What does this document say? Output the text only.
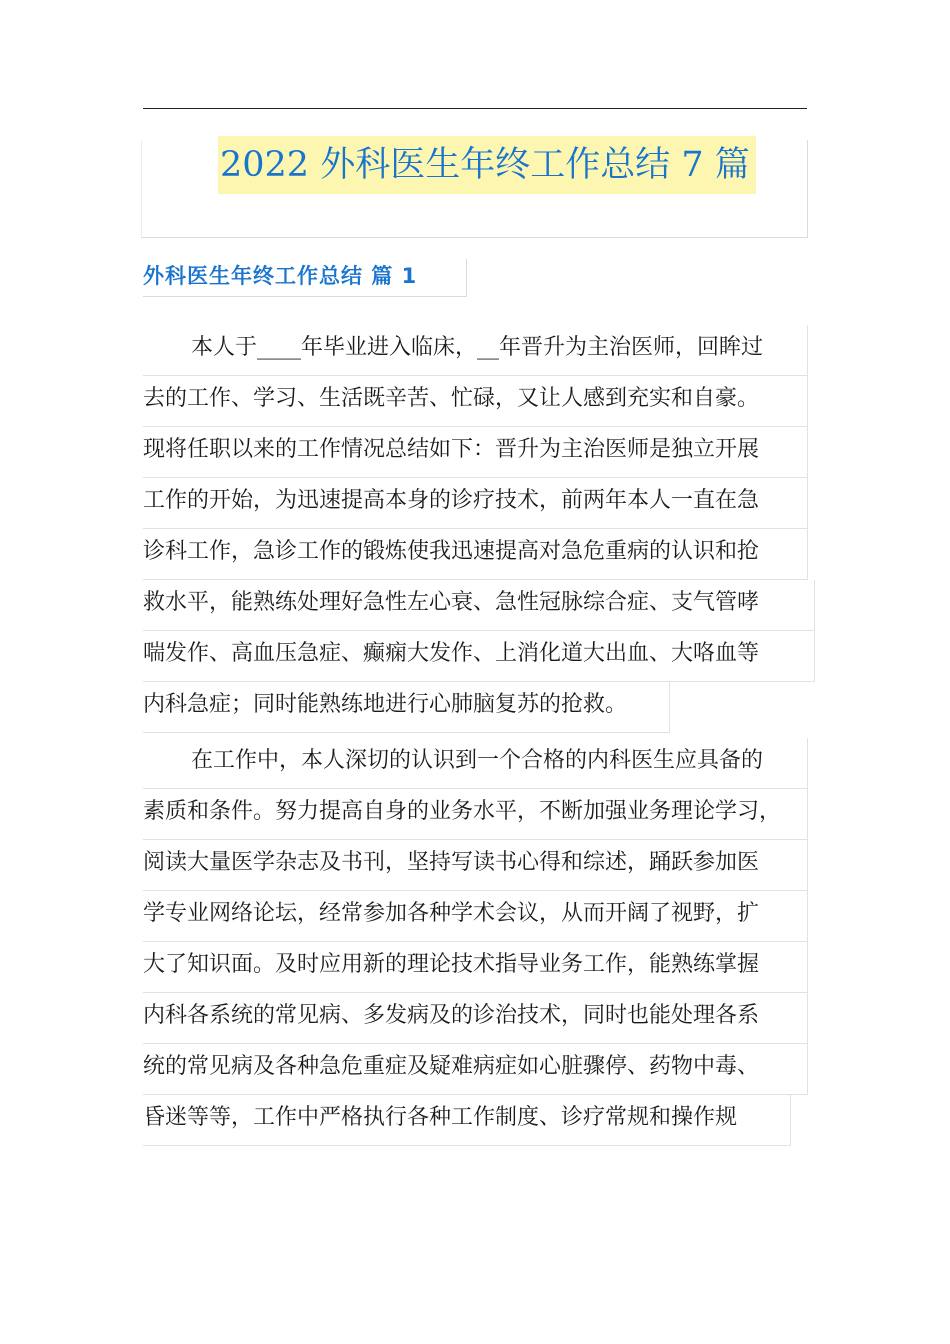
2022 外科医生年终工作总结 7 篇
外科医生年终工作总结 篇 1
本人于____年毕业进入临床，__年晋升为主治医师，回眸过
去的工作、学习、生活既辛苦、忙碌，又让人感到充实和自豪。
现将任职以来的工作情况总结如下：晋升为主治医师是独立开展
工作的开始，为迅速提高本身的诊疗技术，前两年本人一直在急
诊科工作，急诊工作的锻炼使我迅速提高对急危重病的认识和抢
救水平，能熟练处理好急性左心衰、急性冠脉综合症、支气管哮
喘发作、高血压急症、癫痫大发作、上消化道大出血、大咯血等
内科急症；同时能熟练地进行心肺脑复苏的抢救。
在工作中，本人深切的认识到一个合格的内科医生应具备的
素质和条件。努力提高自身的业务水平，不断加强业务理论学习，
阅读大量医学杂志及书刊，坚持写读书心得和综述，踊跃参加医
学专业网络论坛，经常参加各种学术会议，从而开阔了视野，扩
大了知识面。及时应用新的理论技术指导业务工作，能熟练掌握
内科各系统的常见病、多发病及的诊治技术，同时也能处理各系
统的常见病及各种急危重症及疑难病症如心脏骤停、药物中毒、
昏迷等等，工作中严格执行各种工作制度、诊疗常规和操作规
